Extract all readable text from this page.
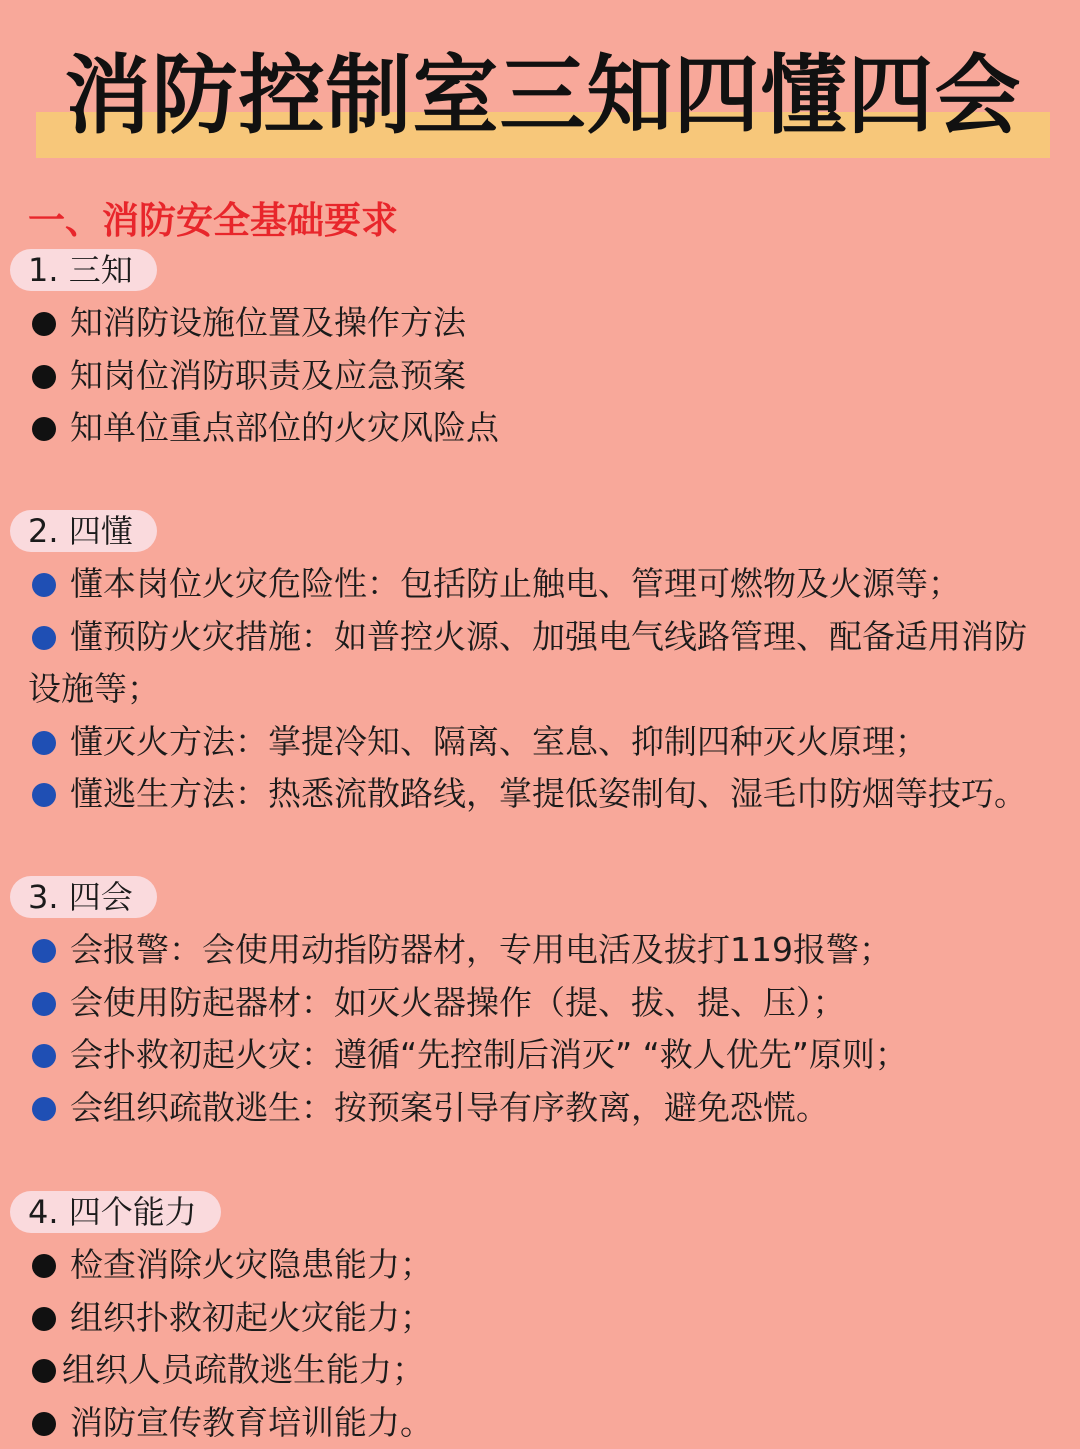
消防控制室三知四懂四会
一、消防安全基础要求
1. 三知
知消防设施位置及操作方法
知岗位消防职责及应急预案
知单位重点部位的火灾风险点
2. 四懂
懂本岗位火灾危险性：包括防止触电、管理可燃物及火源等；
懂预防火灾措施：如普控火源、加强电气线路管理、配备适用消防
设施等；
懂灭火方法：掌提冷知、隔离、室息、抑制四种灭火原理；
懂逃生方法：热悉流散路线，掌提低姿制旬、湿毛巾防烟等技巧。
3. 四会
会报警：会使用动指防器材，专用电活及拔打119报警；
会使用防起器材：如灭火器操作（提、拔、提、压）；
会扑救初起火灾：遵循“先控制后消灭” “救人优先”原则；
会组织疏散逃生：按预案引导有序教离，避免恐慌。
4. 四个能力
检查消除火灾隐患能力；
组织扑救初起火灾能力；
组织人员疏散逃生能力；
消防宣传教育培训能力。
